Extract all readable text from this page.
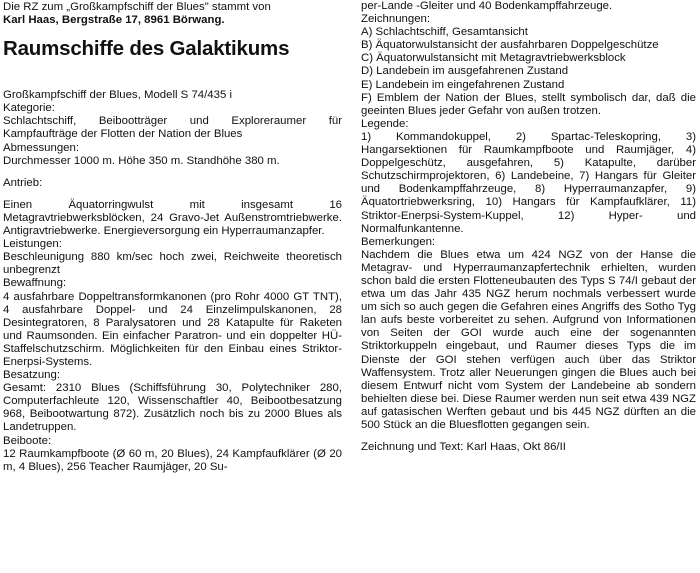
Die RZ zum „Großkampfschiff der Blues" stammt von
Karl Haas, Bergstraße 17, 8961 Börwang.

Raumschiffe des Galaktikums

Großkampfschiff der Blues, Modell S 74/435 i

Kategorie:

Schlachtschiff, Beibootträger und Exploreraumer für Kampfaufträge der Flotten der Nation der Blues

Abmessungen:

Durchmesser 1000 m. Höhe 350 m. Standhöhe 380 m.

Antrieb:

Einen Äquatorringwulst mit insgesamt 16 Metagravtriebwerksblöcken, 24 Gravo-Jet Außenstromtriebwerke. Antigravtriebwerke. Energieversorgung ein Hyperraumanzapfer.

Leistungen:

Beschleunigung 880 km/sec hoch zwei, Reichweite theoretisch unbegrenzt

Bewaffnung:

4 ausfahrbare Doppeltransformkanonen (pro Rohr 4000 GT TNT), 4 ausfahrbare Doppel- und 24 Einzelimpulskanonen, 28 Desintegratoren, 8 Paralysatoren und 28 Katapulte für Raketen und Raumsonden. Ein einfacher Paratron- und ein doppelter HÜ-Staffelschutzschirm. Möglichkeiten für den Einbau eines Striktor-Enerpsi-Systems.

Besatzung:

Gesamt: 2310 Blues (Schiffsführung 30, Polytechniker 280, Computerfachleute 120, Wissenschaftler 40, Beibootbesatzung 968, Beibootwartung 872). Zusätzlich noch bis zu 2000 Blues als Landetruppen.

Beiboote:

12 Raumkampfboote (Ø 60 m, 20 Blues), 24 Kampfaufklärer (Ø 20 m, 4 Blues), 256 Teacher Raumjäger, 20 Su-

per-Lande -Gleiter und 40 Bodenkampffahrzeuge.

Zeichnungen:

A) Schlachtschiff, Gesamtansicht

B) Äquatorwulstansicht der ausfahrbaren Doppelgeschütze

C) Äquatorwulstansicht mit Metagravtriebwerksblock

D) Landebein im ausgefahrenen Zustand

E) Landebein im eingefahrenen Zustand

F) Emblem der Nation der Blues, stellt symbolisch dar, daß die geeinten Blues jeder Gefahr von außen trotzen.

Legende:

1) Kommandokuppel, 2) Spartac-Teleskopring, 3) Hangarsektionen für Raumkampfboote und Raumjäger, 4) Doppelgeschütz, ausgefahren, 5) Katapulte, darüber Schutzschirmprojektoren, 6) Landebeine, 7) Hangars für Gleiter und Bodenkampffahrzeuge, 8) Hyperraumanzapfer, 9) Äquatortriebwerksring, 10) Hangars für Kampfaufklärer, 11) Striktor-Enerpsi-System-Kuppel, 12) Hyper- und Normalfunkantenne.

Bemerkungen:

Nachdem die Blues etwa um 424 NGZ von der Hanse die Metagrav- und Hyperraumanzapfertechnik erhielten, wurden schon bald die ersten Flotteneubauten des Typs S 74/I gebaut der etwa um das Jahr 435 NGZ herum nochmals verbessert wurde um sich so auch gegen die Gefahren eines Angriffs des Sotho Tyg lan aufs beste vorbereitet zu sehen. Aufgrund von Informationen von Seiten der GOI wurde auch eine der sogenannten Striktorkuppeln eingebaut, und Raumer dieses Typs die im Dienste der GOI stehen verfügen auch über das Striktor Waffensystem. Trotz aller Neuerungen gingen die Blues auch bei diesem Entwurf nicht vom System der Landebeine ab sondern behielten diese bei. Diese Raumer werden nun seit etwa 439 NGZ auf gatasischen Werften gebaut und bis 445 NGZ dürften an die 500 Stück an die Bluesflotten gegangen sein.

Zeichnung und Text: Karl Haas, Okt 86/II
